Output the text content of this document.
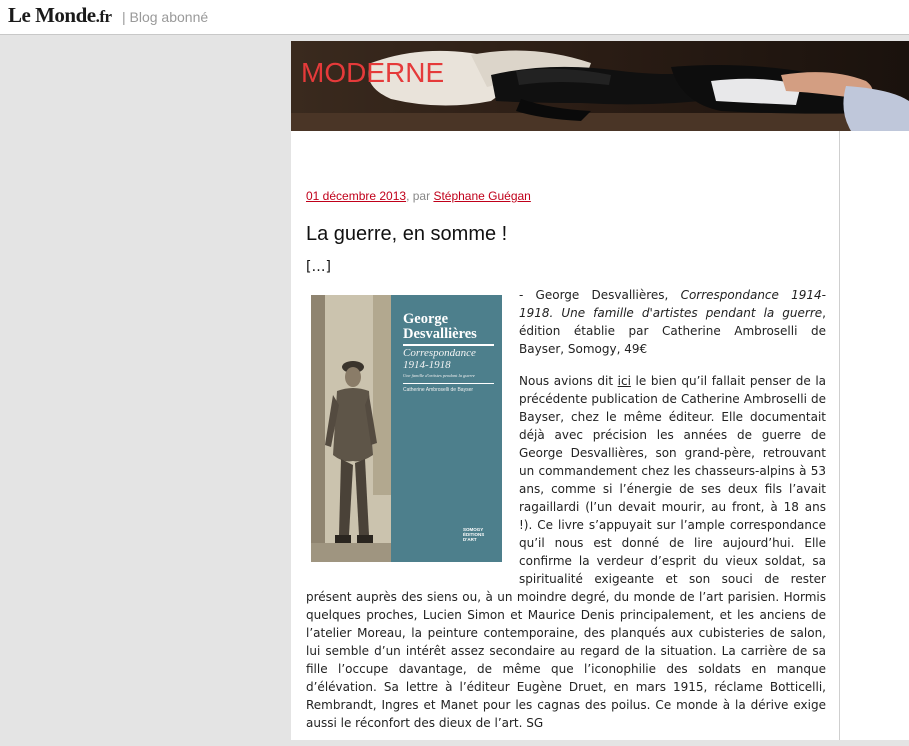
Le Monde.fr | Blog abonné
MODERNE
01 décembre 2013, par Stéphane Guégan
La guerre, en somme !
[…]
George Desvallières
Correspondance
1914-1918
Une famille d'artistes pendant la guerre
Catherine Ambroselli de Bayser
SOMOGY ÉDITIONS D'ART

- George Desvallières, Correspondance 1914-1918. Une famille d'artistes pendant la guerre, édition établie par Catherine Ambroselli de Bayser, Somogy, 49€

Nous avions dit ici le bien qu’il fallait penser de la précédente publication de Catherine Ambroselli de Bayser, chez le même éditeur. Elle documentait déjà avec précision les années de guerre de George Desvallières, son grand-père, retrouvant un commandement chez les chasseurs-alpins à 53 ans, comme si l’énergie de ses deux fils l’avait ragaillardi (l’un devait mourir, au front, à 18 ans !). Ce livre s’appuyait sur l’ample correspondance qu’il nous est donné de lire aujourd’hui. Elle confirme la verdeur d’esprit du vieux soldat, sa spiritualité exigeante et son souci de rester présent auprès des siens ou, à un moindre degré, du monde de l’art parisien. Hormis quelques proches, Lucien Simon et Maurice Denis principalement, et les anciens de l’atelier Moreau, la peinture contemporaine, des planqués aux cubisteries de salon, lui semble d’un intérêt assez secondaire au regard de la situation. La carrière de sa fille l’occupe davantage, de même que l’iconophilie des soldats en manque d’élévation. Sa lettre à l’éditeur Eugène Druet, en mars 1915, réclame Botticelli, Rembrandt, Ingres et Manet pour les cagnas des poilus. Ce monde à la dérive exige aussi le réconfort des dieux de l’art. SG
